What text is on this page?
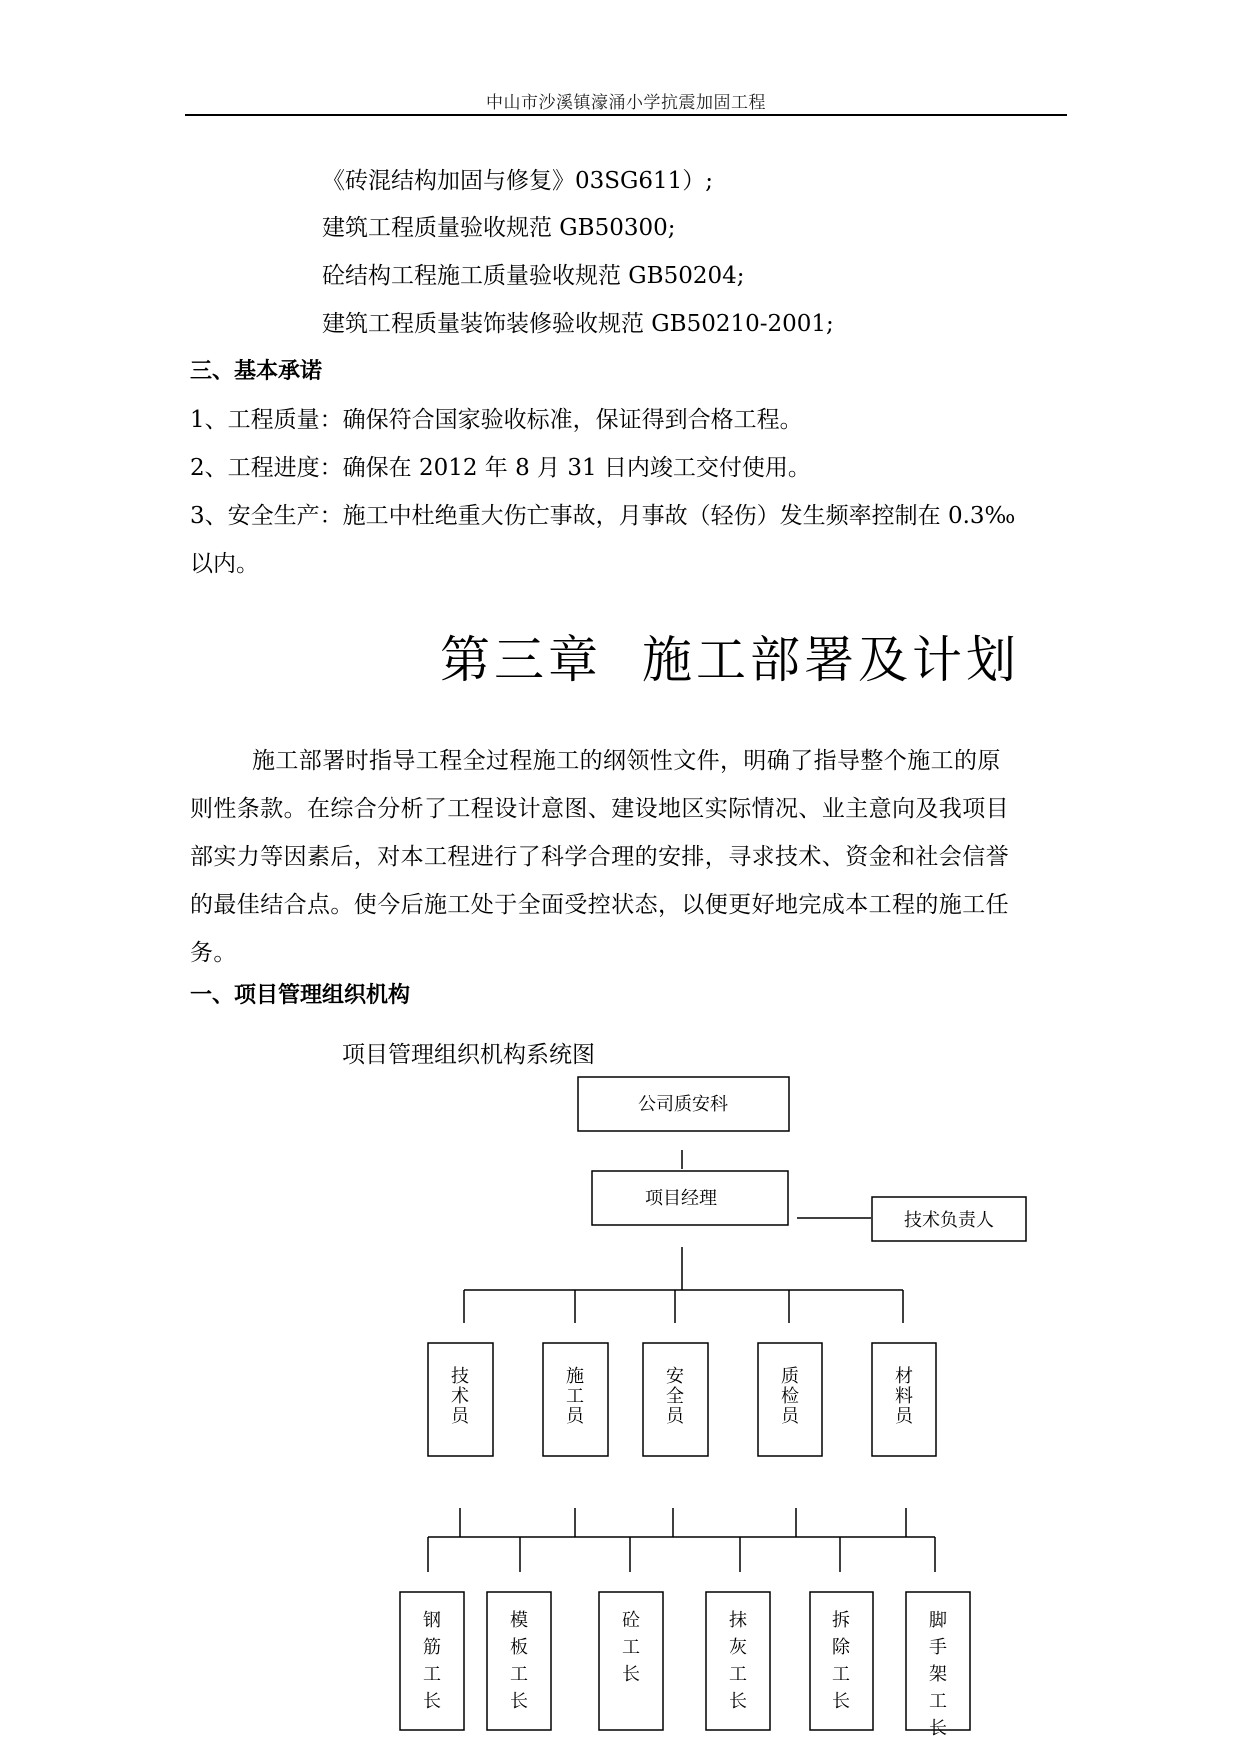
中山市沙溪镇濠涌小学抗震加固工程
《砖混结构加固与修复》03SG611）;
建筑工程质量验收规范 GB50300;
砼结构工程施工质量验收规范 GB50204;
建筑工程质量装饰装修验收规范 GB50210-2001;
三、基本承诺
1、工程质量：确保符合国家验收标准，保证得到合格工程。
2、工程进度：确保在 2012 年 8 月 31 日内竣工交付使用。
3、安全生产：施工中杜绝重大伤亡事故，月事故（轻伤）发生频率控制在 0.3‰
以内。
第三章 施工部署及计划
施工部署时指导工程全过程施工的纲领性文件，明确了指导整个施工的原
则性条款。在综合分析了工程设计意图、建设地区实际情况、业主意向及我项目
部实力等因素后，对本工程进行了科学合理的安排，寻求技术、资金和社会信誉
的最佳结合点。使今后施工处于全面受控状态，以便更好地完成本工程的施工任
务。
一、项目管理组织机构
项目管理组织机构系统图
公司质安科
项目经理
技术负责人
技术员
施工员
安全员
质检员
材料员
钢筋工长
模板工长
砼工长
抹灰工长
拆除工长
脚手架工长
